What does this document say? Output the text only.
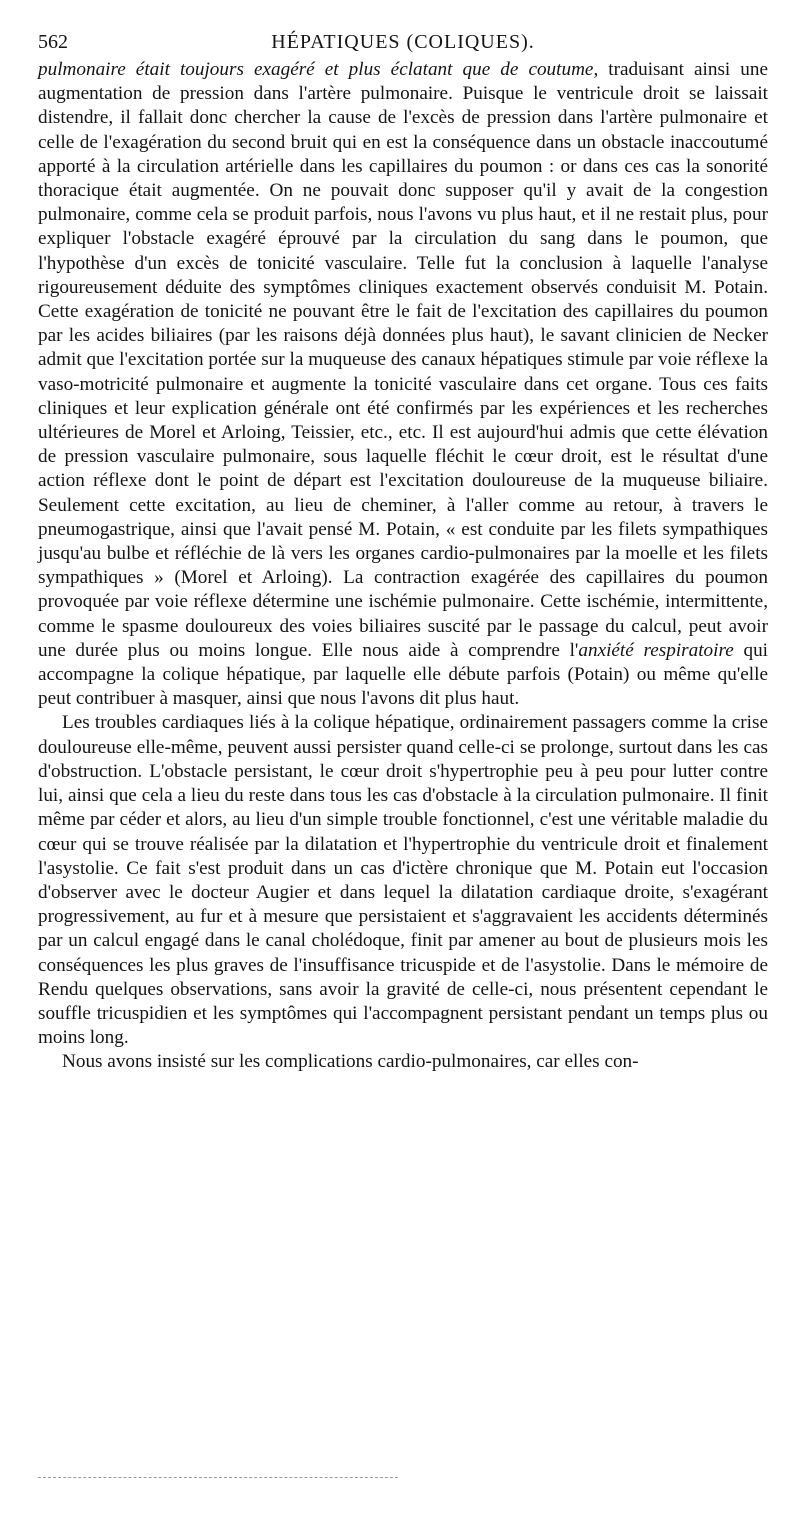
562	HÉPATIQUES (COLIQUES).

pulmonaire était toujours exagéré et plus éclatant que de coutume, traduisant ainsi une augmentation de pression dans l'artère pulmonaire. Puisque le ventricule droit se laissait distendre, il fallait donc chercher la cause de l'excès de pression dans l'artère pulmonaire et celle de l'exagération du second bruit qui en est la conséquence dans un obstacle inaccoutumé apporté à la circulation artérielle dans les capillaires du poumon : or dans ces cas la sonorité thoracique était augmentée. On ne pouvait donc supposer qu'il y avait de la congestion pulmonaire, comme cela se produit parfois, nous l'avons vu plus haut, et il ne restait plus, pour expliquer l'obstacle exagéré éprouvé par la circulation du sang dans le poumon, que l'hypothèse d'un excès de tonicité vasculaire. Telle fut la conclusion à laquelle l'analyse rigoureusement déduite des symptômes cliniques exactement observés conduisit M. Potain. Cette exagération de tonicité ne pouvant être le fait de l'excitation des capillaires du poumon par les acides biliaires (par les raisons déjà données plus haut), le savant clinicien de Necker admit que l'excitation portée sur la muqueuse des canaux hépatiques stimule par voie réflexe la vaso-motricité pulmonaire et augmente la tonicité vasculaire dans cet organe. Tous ces faits cliniques et leur explication générale ont été confirmés par les expériences et les recherches ultérieures de Morel et Arloing, Teissier, etc., etc. Il est aujourd'hui admis que cette élévation de pression vasculaire pulmonaire, sous laquelle fléchit le cœur droit, est le résultat d'une action réflexe dont le point de départ est l'excitation douloureuse de la muqueuse biliaire. Seulement cette excitation, au lieu de cheminer, à l'aller comme au retour, à travers le pneumogastrique, ainsi que l'avait pensé M. Potain, « est conduite par les filets sympathiques jusqu'au bulbe et réfléchie de là vers les organes cardio-pulmonaires par la moelle et les filets sympathiques » (Morel et Arloing). La contraction exagérée des capillaires du poumon provoquée par voie réflexe détermine une ischémie pulmonaire. Cette ischémie, intermittente, comme le spasme douloureux des voies biliaires suscité par le passage du calcul, peut avoir une durée plus ou moins longue. Elle nous aide à comprendre l'anxiété respiratoire qui accompagne la colique hépatique, par laquelle elle débute parfois (Potain) ou même qu'elle peut contribuer à masquer, ainsi que nous l'avons dit plus haut.

Les troubles cardiaques liés à la colique hépatique, ordinairement passagers comme la crise douloureuse elle-même, peuvent aussi persister quand celle-ci se prolonge, surtout dans les cas d'obstruction. L'obstacle persistant, le cœur droit s'hypertrophie peu à peu pour lutter contre lui, ainsi que cela a lieu du reste dans tous les cas d'obstacle à la circulation pulmonaire. Il finit même par céder et alors, au lieu d'un simple trouble fonctionnel, c'est une véritable maladie du cœur qui se trouve réalisée par la dilatation et l'hypertrophie du ventricule droit et finalement l'asystolie. Ce fait s'est produit dans un cas d'ictère chronique que M. Potain eut l'occasion d'observer avec le docteur Augier et dans lequel la dilatation cardiaque droite, s'exagérant progressivement, au fur et à mesure que persistaient et s'aggravaient les accidents déterminés par un calcul engagé dans le canal cholédoque, finit par amener au bout de plusieurs mois les conséquences les plus graves de l'insuffisance tricuspide et de l'asystolie. Dans le mémoire de Rendu quelques observations, sans avoir la gravité de celle-ci, nous présentent cependant le souffle tricuspidien et les symptômes qui l'accompagnent persistant pendant un temps plus ou moins long.

Nous avons insisté sur les complications cardio-pulmonaires, car elles con-
